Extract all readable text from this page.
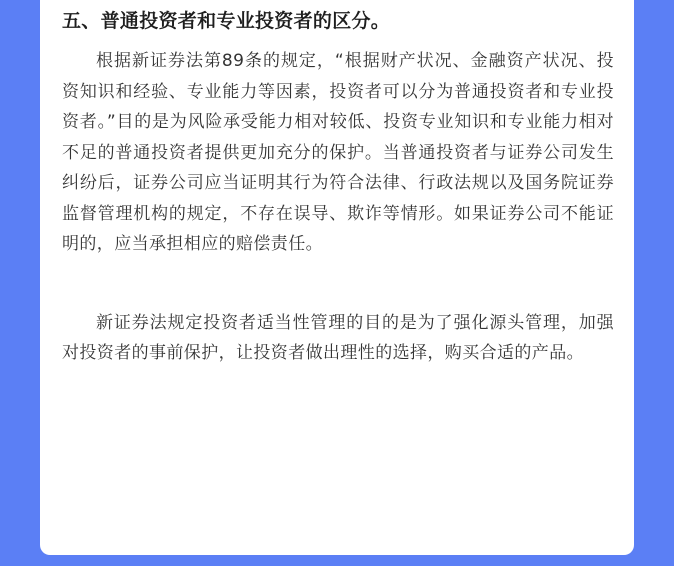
五、普通投资者和专业投资者的区分。

根据新证券法第89条的规定，“根据财产状况、金融资产状况、投资知识和经验、专业能力等因素，投资者可以分为普通投资者和专业投资者。”目的是为风险承受能力相对较低、投资专业知识和专业能力相对不足的普通投资者提供更加充分的保护。当普通投资者与证券公司发生纠纷后，证券公司应当证明其行为符合法律、行政法规以及国务院证券监督管理机构的规定，不存在误导、欺诈等情形。如果证券公司不能证明的，应当承担相应的赔偿责任。

新证券法规定投资者适当性管理的目的是为了强化源头管理，加强对投资者的事前保护，让投资者做出理性的选择，购买合适的产品。
